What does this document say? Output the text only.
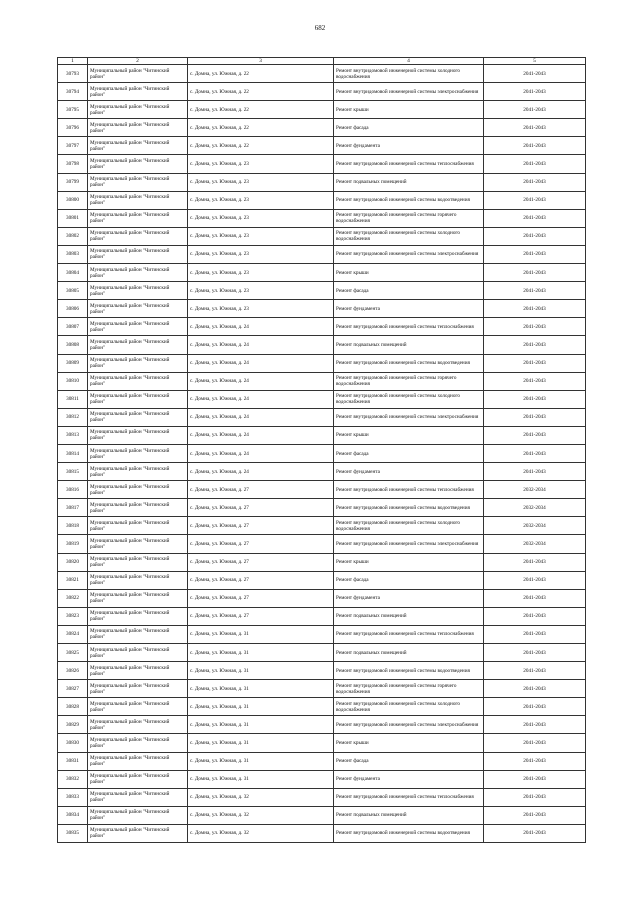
682
1	2	3	4	5
30793	Муниципальный район "Читинский район"	с. Домна, ул. Южная, д. 22	Ремонт внутридомовой инженерной системы холодного водоснабжения	2041-2043
30794	Муниципальный район "Читинский район"	с. Домна, ул. Южная, д. 22	Ремонт внутридомовой инженерной системы электроснабжения	2041-2043
30795	Муниципальный район "Читинский район"	с. Домна, ул. Южная, д. 22	Ремонт крыши	2041-2043
30796	Муниципальный район "Читинский район"	с. Домна, ул. Южная, д. 22	Ремонт фасада	2041-2043
30797	Муниципальный район "Читинский район"	с. Домна, ул. Южная, д. 22	Ремонт фундамента	2041-2043
30798	Муниципальный район "Читинский район"	с. Домна, ул. Южная, д. 23	Ремонт внутридомовой инженерной системы теплоснабжения	2041-2043
30799	Муниципальный район "Читинский район"	с. Домна, ул. Южная, д. 23	Ремонт подвальных помещений	2041-2043
30800	Муниципальный район "Читинский район"	с. Домна, ул. Южная, д. 23	Ремонт внутридомовой инженерной системы водоотведения	2041-2043
30801	Муниципальный район "Читинский район"	с. Домна, ул. Южная, д. 23	Ремонт внутридомовой инженерной системы горячего водоснабжения	2041-2043
30802	Муниципальный район "Читинский район"	с. Домна, ул. Южная, д. 23	Ремонт внутридомовой инженерной системы холодного водоснабжения	2041-2043
30803	Муниципальный район "Читинский район"	с. Домна, ул. Южная, д. 23	Ремонт внутридомовой инженерной системы электроснабжения	2041-2043
30804	Муниципальный район "Читинский район"	с. Домна, ул. Южная, д. 23	Ремонт крыши	2041-2043
30805	Муниципальный район "Читинский район"	с. Домна, ул. Южная, д. 23	Ремонт фасада	2041-2043
30806	Муниципальный район "Читинский район"	с. Домна, ул. Южная, д. 23	Ремонт фундамента	2041-2043
30807	Муниципальный район "Читинский район"	с. Домна, ул. Южная, д. 24	Ремонт внутридомовой инженерной системы теплоснабжения	2041-2043
30808	Муниципальный район "Читинский район"	с. Домна, ул. Южная, д. 24	Ремонт подвальных помещений	2041-2043
30809	Муниципальный район "Читинский район"	с. Домна, ул. Южная, д. 24	Ремонт внутридомовой инженерной системы водоотведения	2041-2043
30810	Муниципальный район "Читинский район"	с. Домна, ул. Южная, д. 24	Ремонт внутридомовой инженерной системы горячего водоснабжения	2041-2043
30811	Муниципальный район "Читинский район"	с. Домна, ул. Южная, д. 24	Ремонт внутридомовой инженерной системы холодного водоснабжения	2041-2043
30812	Муниципальный район "Читинский район"	с. Домна, ул. Южная, д. 24	Ремонт внутридомовой инженерной системы электроснабжения	2041-2043
30813	Муниципальный район "Читинский район"	с. Домна, ул. Южная, д. 24	Ремонт крыши	2041-2043
30814	Муниципальный район "Читинский район"	с. Домна, ул. Южная, д. 24	Ремонт фасада	2041-2043
30815	Муниципальный район "Читинский район"	с. Домна, ул. Южная, д. 24	Ремонт фундамента	2041-2043
30816	Муниципальный район "Читинский район"	с. Домна, ул. Южная, д. 27	Ремонт внутридомовой инженерной системы теплоснабжения	2032-2034
30817	Муниципальный район "Читинский район"	с. Домна, ул. Южная, д. 27	Ремонт внутридомовой инженерной системы водоотведения	2032-2034
30818	Муниципальный район "Читинский район"	с. Домна, ул. Южная, д. 27	Ремонт внутридомовой инженерной системы холодного водоснабжения	2032-2034
30819	Муниципальный район "Читинский район"	с. Домна, ул. Южная, д. 27	Ремонт внутридомовой инженерной системы электроснабжения	2032-2034
30820	Муниципальный район "Читинский район"	с. Домна, ул. Южная, д. 27	Ремонт крыши	2041-2043
30821	Муниципальный район "Читинский район"	с. Домна, ул. Южная, д. 27	Ремонт фасада	2041-2043
30822	Муниципальный район "Читинский район"	с. Домна, ул. Южная, д. 27	Ремонт фундамента	2041-2043
30823	Муниципальный район "Читинский район"	с. Домна, ул. Южная, д. 27	Ремонт подвальных помещений	2041-2043
30824	Муниципальный район "Читинский район"	с. Домна, ул. Южная, д. 31	Ремонт внутридомовой инженерной системы теплоснабжения	2041-2043
30825	Муниципальный район "Читинский район"	с. Домна, ул. Южная, д. 31	Ремонт подвальных помещений	2041-2043
30826	Муниципальный район "Читинский район"	с. Домна, ул. Южная, д. 31	Ремонт внутридомовой инженерной системы водоотведения	2041-2043
30827	Муниципальный район "Читинский район"	с. Домна, ул. Южная, д. 31	Ремонт внутридомовой инженерной системы горячего водоснабжения	2041-2043
30828	Муниципальный район "Читинский район"	с. Домна, ул. Южная, д. 31	Ремонт внутридомовой инженерной системы холодного водоснабжения	2041-2043
30829	Муниципальный район "Читинский район"	с. Домна, ул. Южная, д. 31	Ремонт внутридомовой инженерной системы электроснабжения	2041-2043
30830	Муниципальный район "Читинский район"	с. Домна, ул. Южная, д. 31	Ремонт крыши	2041-2043
30831	Муниципальный район "Читинский район"	с. Домна, ул. Южная, д. 31	Ремонт фасада	2041-2043
30832	Муниципальный район "Читинский район"	с. Домна, ул. Южная, д. 31	Ремонт фундамента	2041-2043
30833	Муниципальный район "Читинский район"	с. Домна, ул. Южная, д. 32	Ремонт внутридомовой инженерной системы теплоснабжения	2041-2043
30834	Муниципальный район "Читинский район"	с. Домна, ул. Южная, д. 32	Ремонт подвальных помещений	2041-2043
30835	Муниципальный район "Читинский район"	с. Домна, ул. Южная, д. 32	Ремонт внутридомовой инженерной системы водоотведения	2041-2043
